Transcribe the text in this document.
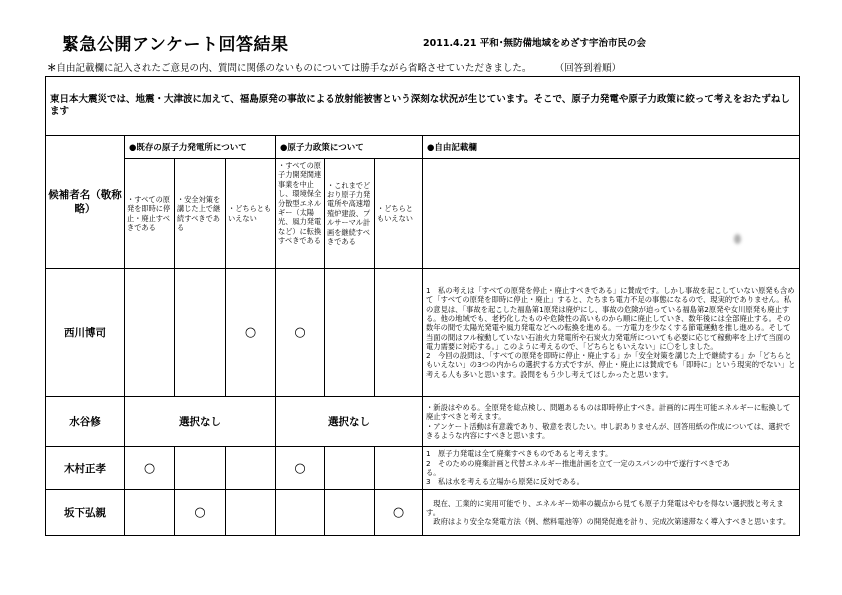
緊急公開アンケート回答結果	2011.4.21 平和･無防備地域をめざす宇治市民の会
＊自由記載欄に記入されたご意見の内、質問に関係のないものについては勝手ながら省略させていただきました。	（回答到着順）
東日本大震災では、地震・大津波に加えて、福島原発の事故による放射能被害という深刻な状況が生じています。そこで、原子力発電や原子力政策に絞って考えをおたずねします							
候補者名（敬称略）	●既存の原子力発電所について			●原子力政策について			●自由記載欄
	・すべての原発を即時に停止・廃止すべきである	・安全対策を講じた上で継続すべきである	・どちらともいえない	・すべての原子力開発関連事業を中止し、環境保全分散型エネルギー（太陽光、風力発電など）に転換すべきである	・これまでどおり原子力発電所や高速増殖炉建設、プルサーマル計画を継続すべきである	・どちらともいえない	
西川博司			○	○			1　私の考えは「すべての原発を停止・廃止すべきである」に賛成です。しかし事故を起こしていない原発も含めて「すべての原発を即時に停止・廃止」すると、たちまち電力不足の事態になるので、現実的でありません。私の意見は、「事故を起こした福島第1原発は廃炉にし、事故の危険が迫っている福島第2原発や女川原発も廃止する。他の地域でも、老朽化したものや危険性の高いものから順に廃止していき、数年後には全部廃止する。その数年の間で太陽光発電や風力発電などへの転換を進める。一方電力を少なくする節電運動を推し進める。そして当面の間はフル稼動していない石油火力発電所や石炭火力発電所についても必要に応じて稼動率を上げて当面の電力需要に対応する。」このように考えるので、「どちらともいえない」に〇をしました。
2　今回の設問は、「すべての原発を即時に停止・廃止する」か「安全対策を講じた上で継続する」か「どちらともいえない」の3つの内からの選択する方式ですが、停止・廃止には賛成でも「即時に」という現実的でない」と考える人も多いと思います。設問をもう少し考えてほしかったと思います。
水谷修	選択なし			選択なし			・新設はやめる。全原発を総点検し、問題あるものは即時停止すべき。計画的に再生可能エネルギーに転換して廃止すべきと考えます。
・アンケート活動は有意義であり、敬意を表したい。申し訳ありませんが、回答用紙の作成については、選択できるような内容にすべきと思います。
木村正孝	○			○			1　原子力発電は全て廃棄すべきものであると考えます。
2　そのための廃棄計画と代替エネルギー推進計画を立て一定のスパンの中で遂行すべきであ
る。
3　私は水を考える立場から原発に反対である。
坂下弘親		○				○	　現在、工業的に実用可能でり、エネルギー効率の観点から見ても原子力発電はやむを得ない選択肢と考えます。
　政府はより安全な発電方法（例、燃料電池等）の開発促進を計り、完成次第速滞なく導入すべきと思います。
